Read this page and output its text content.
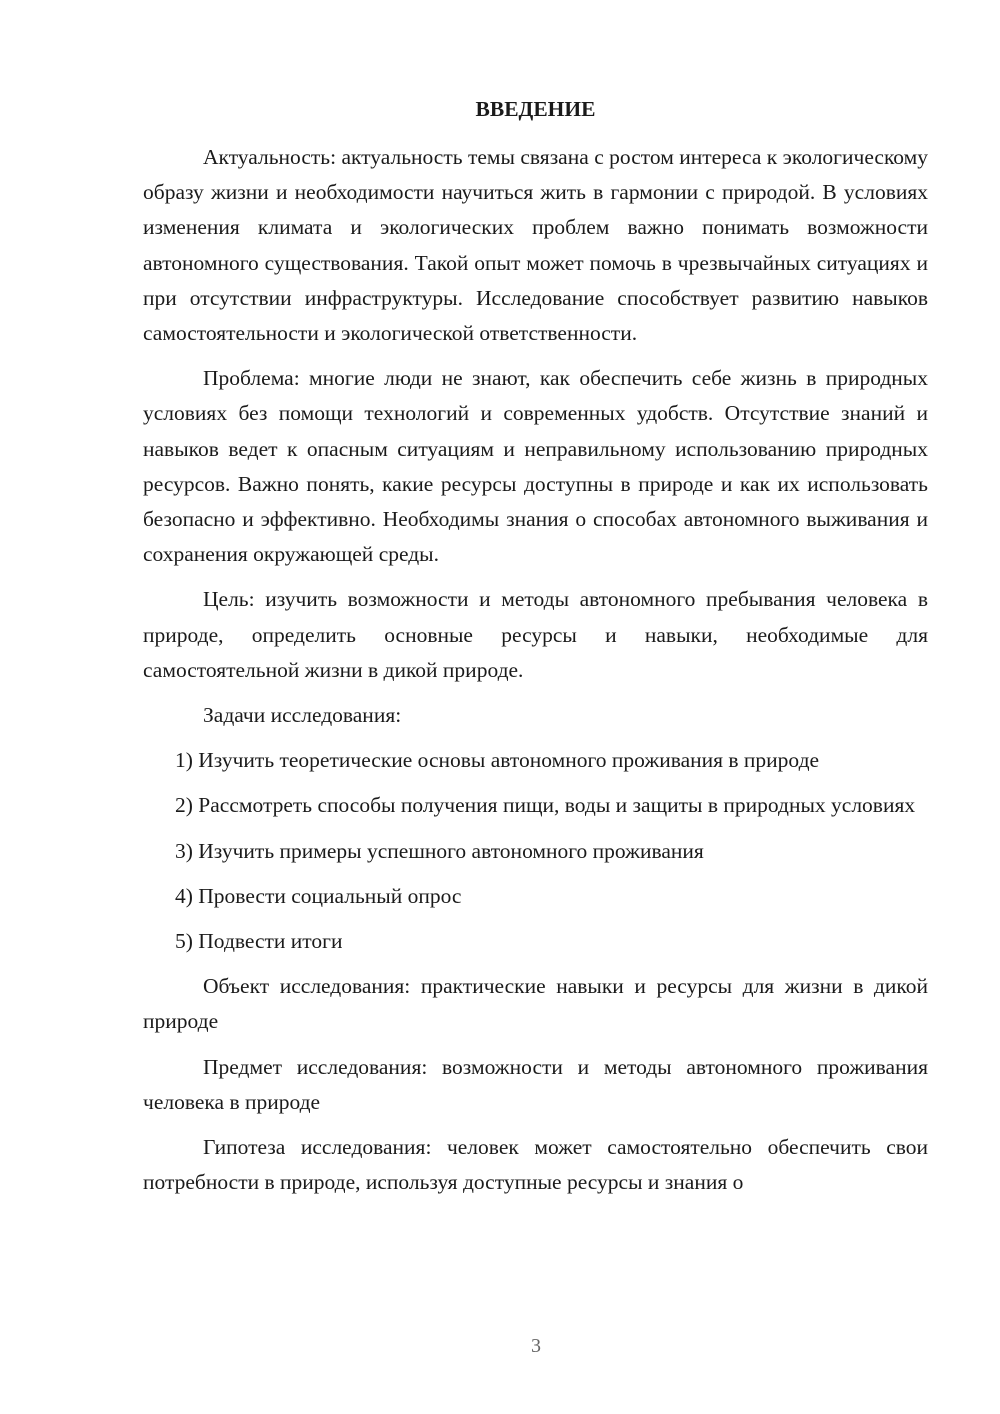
ВВЕДЕНИЕ

Актуальность: актуальность темы связана с ростом интереса к экологическому образу жизни и необходимости научиться жить в гармонии с природой. В условиях изменения климата и экологических проблем важно понимать возможности автономного существования. Такой опыт может помочь в чрезвычайных ситуациях и при отсутствии инфраструктуры. Исследование способствует развитию навыков самостоятельности и экологической ответственности.

Проблема: многие люди не знают, как обеспечить себе жизнь в природных условиях без помощи технологий и современных удобств. Отсутствие знаний и навыков ведет к опасным ситуациям и неправильному использованию природных ресурсов. Важно понять, какие ресурсы доступны в природе и как их использовать безопасно и эффективно. Необходимы знания о способах автономного выживания и сохранения окружающей среды.

Цель: изучить возможности и методы автономного пребывания человека в природе, определить основные ресурсы и навыки, необходимые для самостоятельной жизни в дикой природе.

Задачи исследования:

1) Изучить теоретические основы автономного проживания в природе

2) Рассмотреть способы получения пищи, воды и защиты в природных условиях

3) Изучить примеры успешного автономного проживания

4) Провести социальный опрос

5) Подвести итоги

Объект исследования: практические навыки и ресурсы для жизни в дикой природе

Предмет исследования: возможности и методы автономного проживания человека в природе

Гипотеза исследования: человек может самостоятельно обеспечить свои потребности в природе, используя доступные ресурсы и знания о

3
